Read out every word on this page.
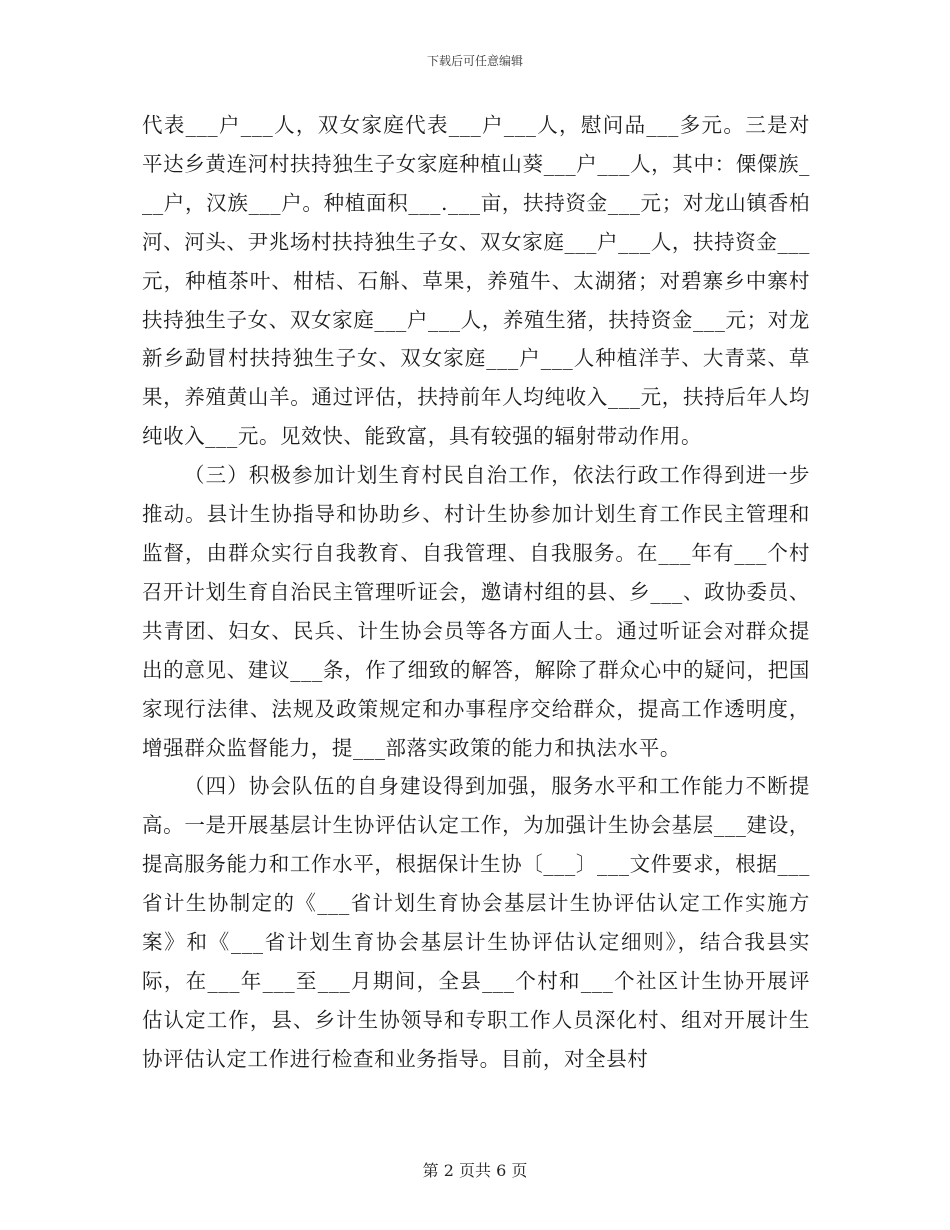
下载后可任意编辑

代表___户___人，双女家庭代表___户___人，慰问品___多元。三是对平达乡黄连河村扶持独生子女家庭种植山葵___户___人，其中：傈僳族___户，汉族___户。种植面积___.___亩，扶持资金___元；对龙山镇香柏河、河头、尹兆场村扶持独生子女、双女家庭___户___人，扶持资金___元，种植茶叶、柑桔、石斛、草果，养殖牛、太湖猪；对碧寨乡中寨村扶持独生子女、双女家庭___户___人，养殖生猪，扶持资金___元；对龙新乡勐冒村扶持独生子女、双女家庭___户___人种植洋芋、大青菜、草果，养殖黄山羊。通过评估，扶持前年人均纯收入___元，扶持后年人均纯收入___元。见效快、能致富，具有较强的辐射带动作用。

（三）积极参加计划生育村民自治工作，依法行政工作得到进一步推动。县计生协指导和协助乡、村计生协参加计划生育工作民主管理和监督，由群众实行自我教育、自我管理、自我服务。在___年有___个村召开计划生育自治民主管理听证会，邀请村组的县、乡___、政协委员、共青团、妇女、民兵、计生协会员等各方面人士。通过听证会对群众提出的意见、建议___条，作了细致的解答，解除了群众心中的疑问，把国家现行法律、法规及政策规定和办事程序交给群众，提高工作透明度，增强群众监督能力，提___部落实政策的能力和执法水平。

（四）协会队伍的自身建设得到加强，服务水平和工作能力不断提高。一是开展基层计生协评估认定工作，为加强计生协会基层___建设，提高服务能力和工作水平，根据保计生协〔___〕___文件要求，根据___省计生协制定的《___省计划生育协会基层计生协评估认定工作实施方案》和《___省计划生育协会基层计生协评估认定细则》，结合我县实际，在___年___至___月期间，全县___个村和___个社区计生协开展评估认定工作，县、乡计生协领导和专职工作人员深化村、组对开展计生协评估认定工作进行检查和业务指导。目前，对全县村

第 2 页共 6 页
